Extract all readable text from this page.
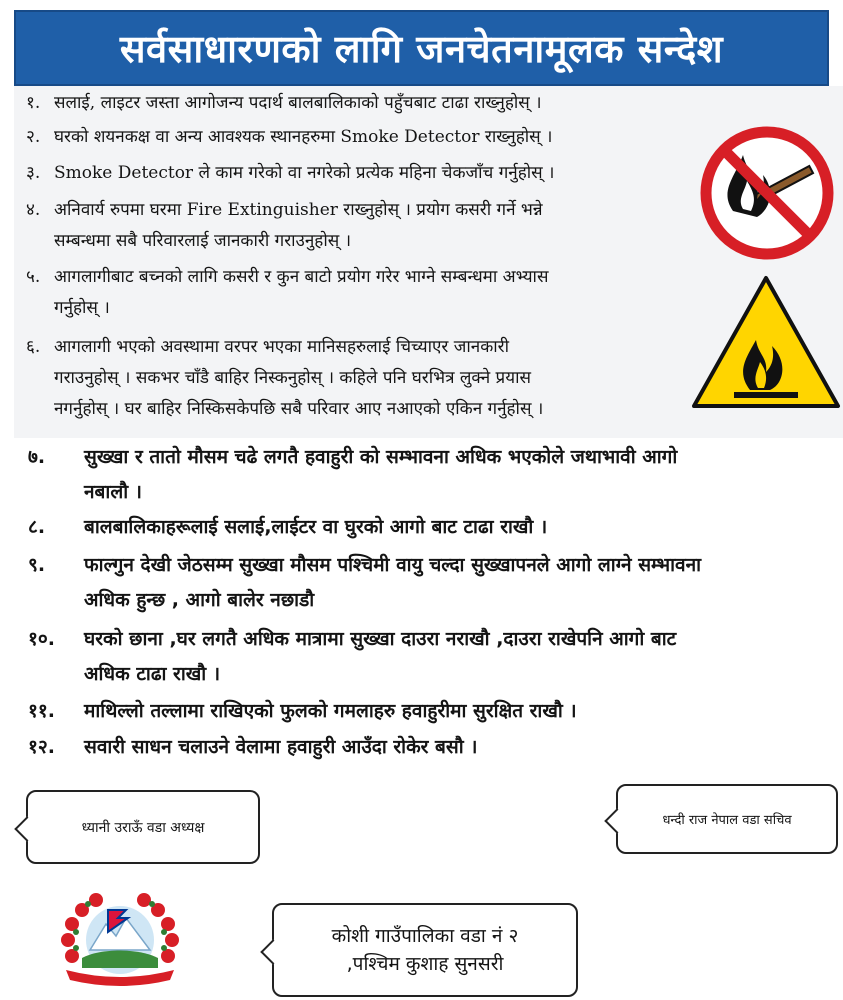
सर्वसाधारणको लागि जनचेतनामूलक सन्देश
१. सलाई, लाइटर जस्ता आगोजन्य पदार्थ बालबालिकाको पहुँचबाट टाढा राख्नुहोस् ।
२. घरको शयनकक्ष वा अन्य आवश्यक स्थानहरुमा Smoke Detector राख्नुहोस् ।
३. Smoke Detector ले काम गरेको वा नगरेको प्रत्येक महिना चेकजाँच गर्नुहोस् ।
४. अनिवार्य रुपमा घरमा Fire Extinguisher राख्नुहोस् । प्रयोग कसरी गर्ने भन्ने
सम्बन्धमा सबै परिवारलाई जानकारी गराउनुहोस् ।
५. आगलागीबाट बच्नको लागि कसरी र कुन बाटो प्रयोग गरेर भाग्ने सम्बन्धमा अभ्यास
गर्नुहोस् ।
६. आगलागी भएको अवस्थामा वरपर भएका मानिसहरुलाई चिच्याएर जानकारी
गराउनुहोस् । सकभर चाँडै बाहिर निस्कनुहोस् । कहिले पनि घरभित्र लुक्ने प्रयास
नगर्नुहोस् । घर बाहिर निस्किसकेपछि सबै परिवार आए नआएको एकिन गर्नुहोस् ।
७.	सुख्खा र तातो मौसम चढे लगतै हवाहुरी को सम्भावना अधिक भएकोले जथाभावी आगो
नबालौ ।
८.	बालबालिकाहरूलाई सलाई,लाईटर वा घुरको आगो बाट टाढा राखौ ।
९.	फाल्गुन देखी जेठसम्म सुख्खा मौसम पश्चिमी वायु चल्दा सुख्खापनले आगो लाग्ने सम्भावना
अधिक हुन्छ , आगो बालेर नछाडौ
१०.	घरको छाना ,घर लगतै अधिक मात्रामा सुख्खा दाउरा नराखौ ,दाउरा राखेपनि आगो बाट
अधिक टाढा राखौ ।
११.	माथिल्लो तल्लामा राखिएको फुलको गमलाहरु हवाहुरीमा सुरक्षित राखौ ।
१२.	सवारी साधन चलाउने वेलामा हवाहुरी आउँदा रोकेर बसौ ।
ध्यानी उराऊँ वडा अध्यक्ष	धन्दी राज नेपाल वडा सचिव
कोशी गाउँपालिका वडा नं २
,पश्चिम कुशाह सुनसरी
